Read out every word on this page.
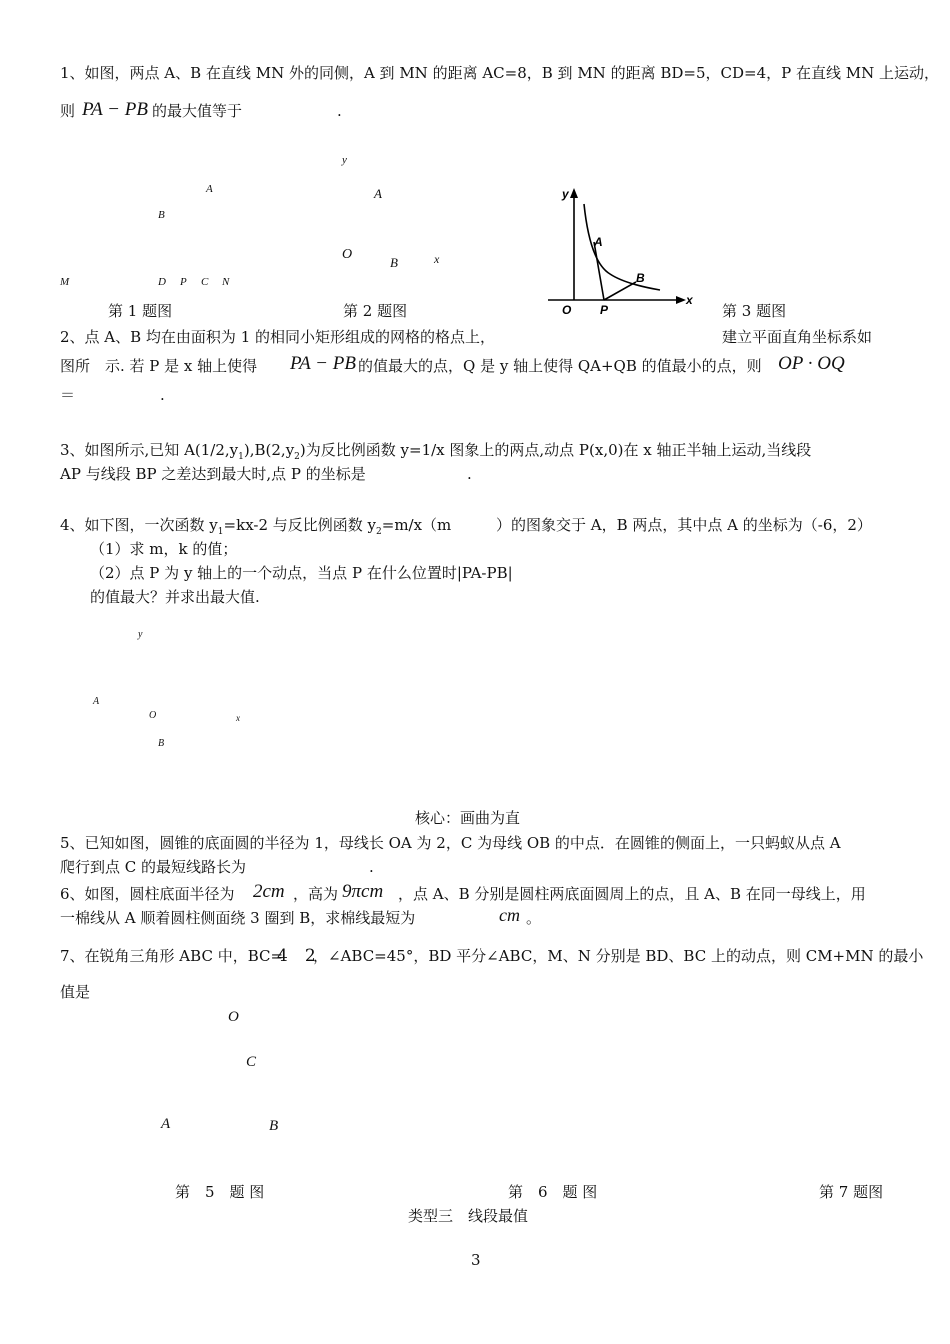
1、如图，两点 A、B 在直线 MN 外的同侧，A 到 MN 的距离 AC=8，B 到 MN 的距离 BD=5，CD=4，P 在直线 MN 上运动，
则 PA − PB 的最大值等于	.
A
B
M	D P C N
y
A
O
B	x
y
x
A
B
O P
第 1 题图	第 2 题图	第 3 题图
2、点 A、B 均在由面积为 1 的相同小矩形组成的网格的格点上，	建立平面直角坐标系如
图所　示. 若 P 是 x 轴上使得 PA − PB 的值最大的点，Q 是 y 轴上使得 QA+QB 的值最小的点，则 OP · OQ
＝	.
3、如图所示,已知 $A(1/2,y_1),B(2,y_2)$为反比例函数 y=1/x 图象上的两点,动点 P(x,0)在 x 轴正半轴上运动,当线段
AP 与线段 BP 之差达到最大时,点 P 的坐标是	.
4、如下图，一次函数 $y_1=kx-2$ 与反比例函数 $y_2=m/x(m$	）的图象交于 A，B 两点，其中点 A 的坐标为（-6，2）
（1）求 m，k 的值；
（2）点 P 为 y 轴上的一个动点，当点 P 在什么位置时|PA-PB|
的值最大？并求出最大值.
y
A
O	x
B
核心：画曲为直
5、已知如图，圆锥的底面圆的半径为 1，母线长 OA 为 2，C 为母线 OB 的中点．在圆锥的侧面上，一只蚂蚁从点 A
爬行到点 C 的最短线路长为	.
6、如图，圆柱底面半径为 2cm ，高为 9πcm ，点 A、B 分别是圆柱两底面圆周上的点，且 A、B 在同一母线上，用
一棉线从 A 顺着圆柱侧面绕 3 圈到 B，求棉线最短为	cm 。
7、在锐角三角形 ABC 中，BC=
4　2
，∠ABC=45°，BD 平分∠ABC，M、N 分别是 BD、BC 上的动点，则 CM+MN 的最小
值是
O
C
A	B
第　5　题 图	第　6　题 图	第 7 题图
类型三　线段最值
3
